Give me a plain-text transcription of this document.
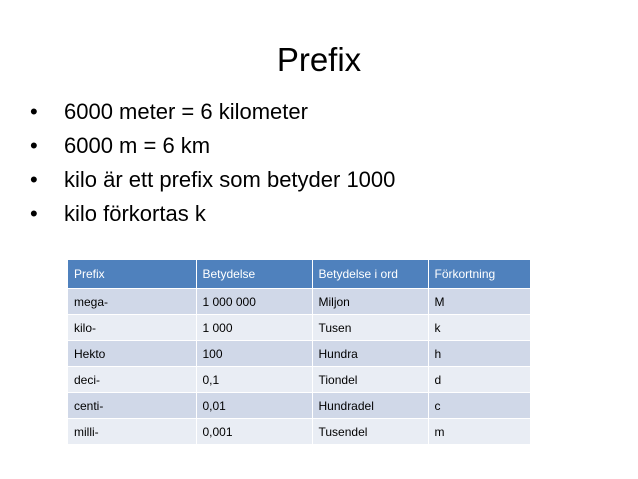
Prefix
•	6000 meter = 6 kilometer
•	6000 m = 6 km
•	kilo är ett prefix som betyder 1000
•	kilo förkortas k
Prefix	Betydelse	Betydelse i ord	Förkortning
mega-	1 000 000	Miljon	M
kilo-	1 000	Tusen	k
Hekto	100	Hundra	h
deci-	0,1	Tiondel	d
centi-	0,01	Hundradel	c
milli-	0,001	Tusendel	m
